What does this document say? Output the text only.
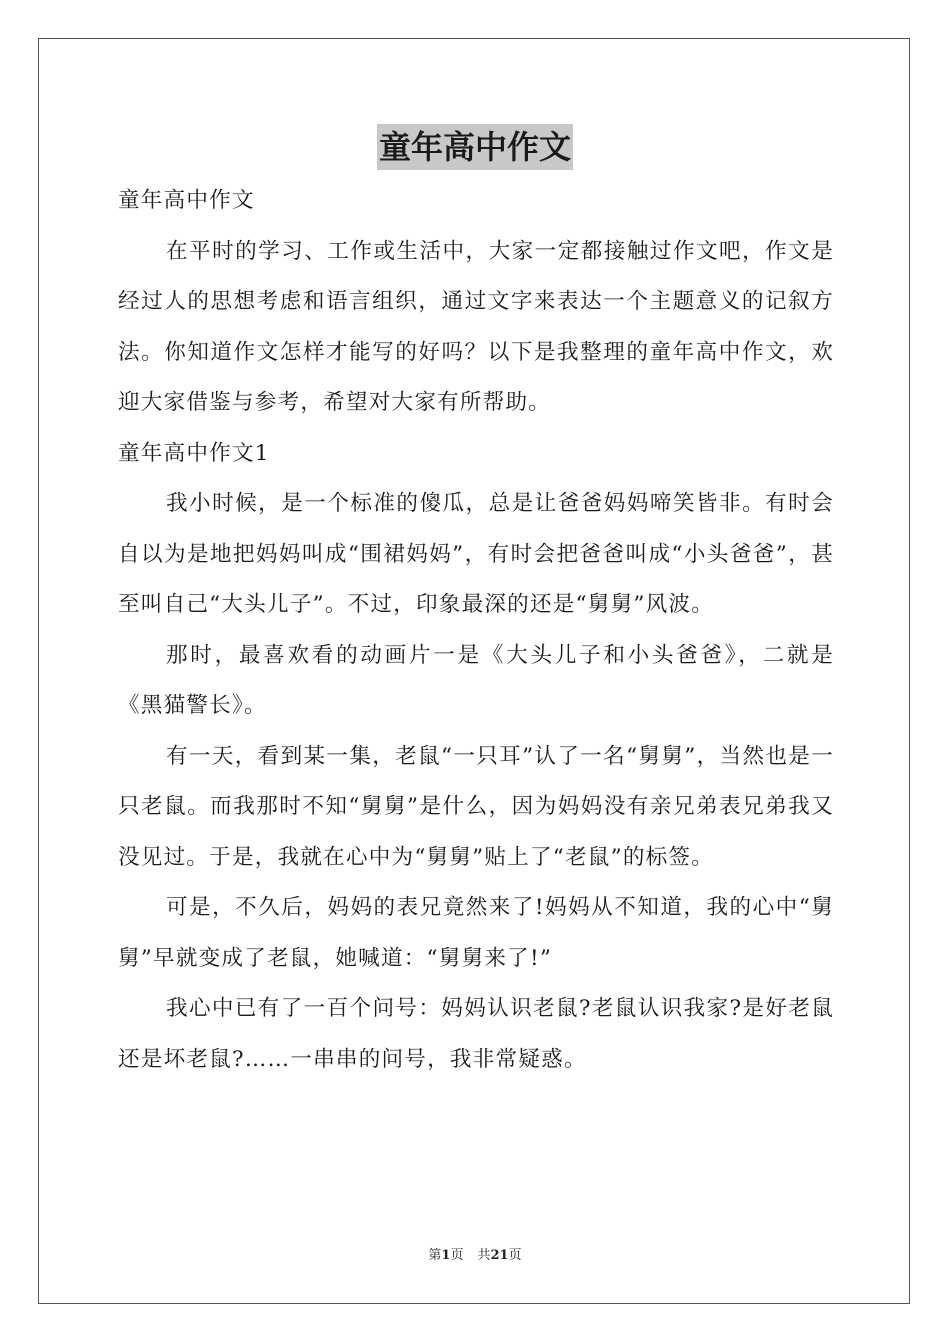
童年高中作文

童年高中作文

在平时的学习、工作或生活中，大家一定都接触过作文吧，作文是经过人的思想考虑和语言组织，通过文字来表达一个主题意义的记叙方法。你知道作文怎样才能写的好吗？以下是我整理的童年高中作文，欢迎大家借鉴与参考，希望对大家有所帮助。

童年高中作文1

我小时候，是一个标准的傻瓜，总是让爸爸妈妈啼笑皆非。有时会自以为是地把妈妈叫成“围裙妈妈”，有时会把爸爸叫成“小头爸爸”，甚至叫自己“大头儿子”。不过，印象最深的还是“舅舅”风波。

那时，最喜欢看的动画片一是《大头儿子和小头爸爸》，二就是《黑猫警长》。

有一天，看到某一集，老鼠“一只耳”认了一名“舅舅”，当然也是一只老鼠。而我那时不知“舅舅”是什么，因为妈妈没有亲兄弟表兄弟我又没见过。于是，我就在心中为“舅舅”贴上了“老鼠”的标签。

可是，不久后，妈妈的表兄竟然来了!妈妈从不知道，我的心中“舅舅”早就变成了老鼠，她喊道：“舅舅来了!”

我心中已有了一百个问号：妈妈认识老鼠?老鼠认识我家?是好老鼠还是坏老鼠?……一串串的问号，我非常疑惑。

第1页 共21页
